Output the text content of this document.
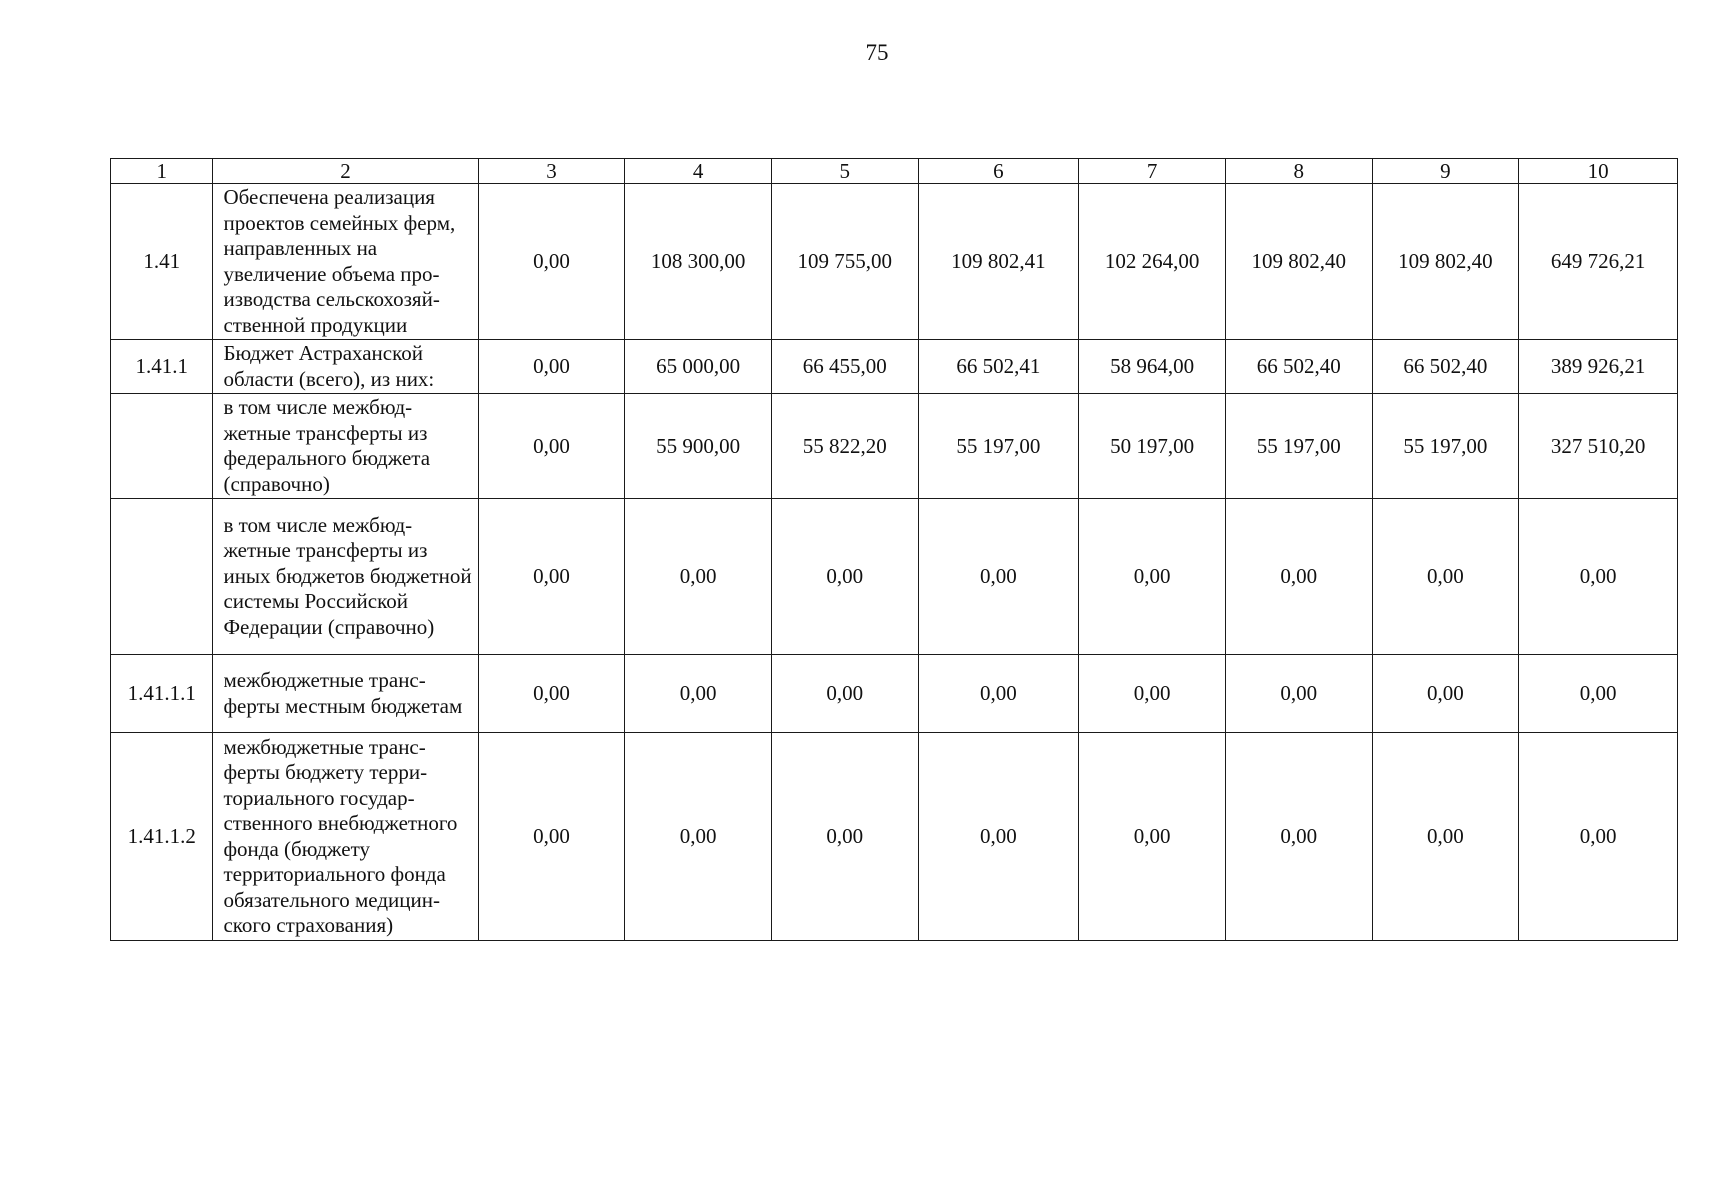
75
1	2	3	4	5	6	7	8	9	10
1.41	Обеспечена реализация проектов семейных ферм, направленных на увеличение объема производства сельскохозяйственной продукции	0,00	108 300,00	109 755,00	109 802,41	102 264,00	109 802,40	109 802,40	649 726,21
1.41.1	Бюджет Астраханской области (всего), из них:	0,00	65 000,00	66 455,00	66 502,41	58 964,00	66 502,40	66 502,40	389 926,21
	в том числе межбюджетные трансферты из федерального бюджета (справочно)	0,00	55 900,00	55 822,20	55 197,00	50 197,00	55 197,00	55 197,00	327 510,20
	в том числе межбюджетные трансферты из иных бюджетов бюджетной системы Российской Федерации (справочно)	0,00	0,00	0,00	0,00	0,00	0,00	0,00	0,00
1.41.1.1	межбюджетные трансферты местным бюджетам	0,00	0,00	0,00	0,00	0,00	0,00	0,00	0,00
1.41.1.2	межбюджетные трансферты бюджету территориального государственного внебюджетного фонда (бюджету территориального фонда обязательного медицинского страхования)	0,00	0,00	0,00	0,00	0,00	0,00	0,00	0,00
